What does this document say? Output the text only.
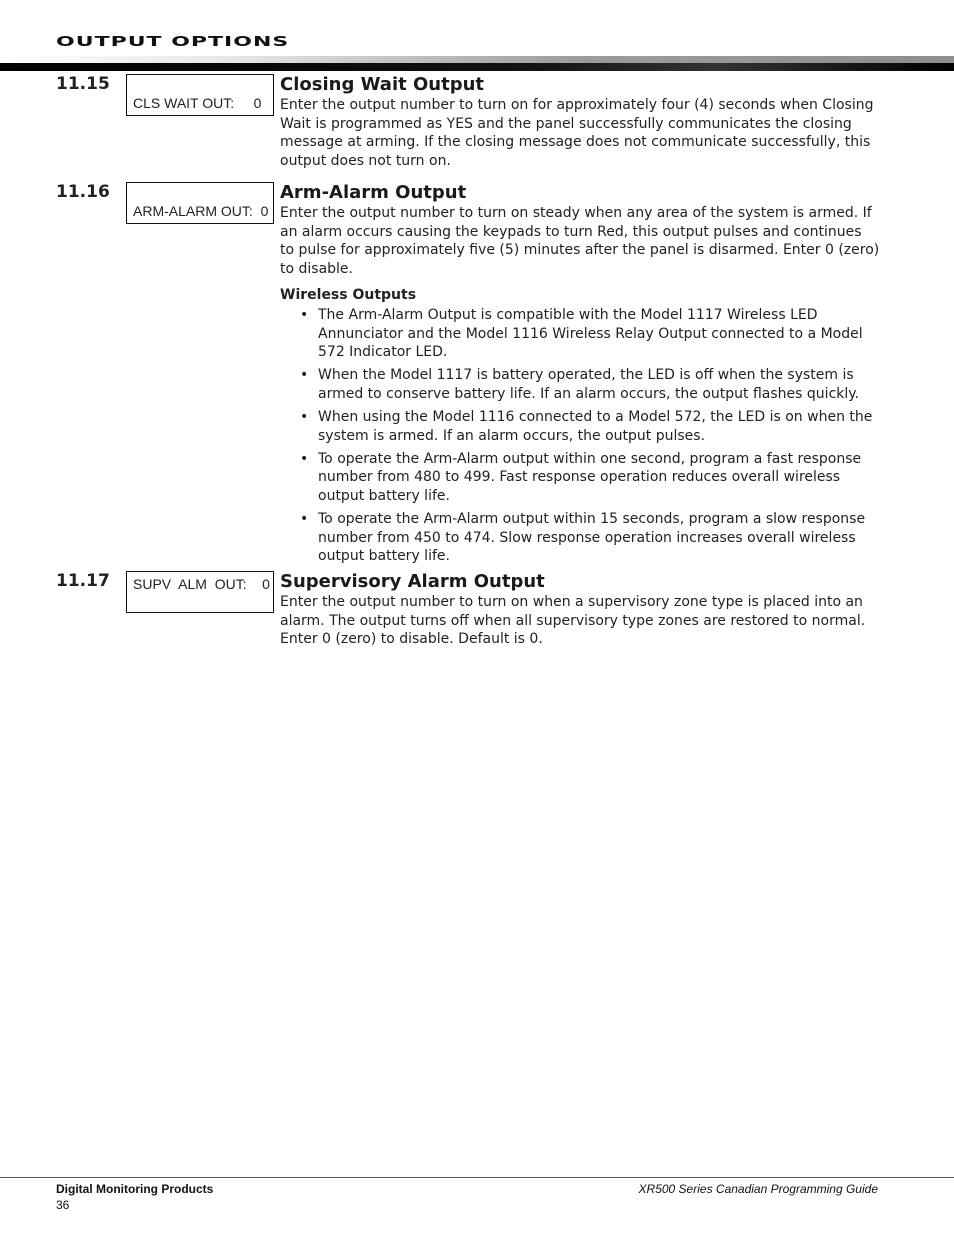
OUTPUT OPTIONS
11.15
CLS WAIT OUT:     0
Closing Wait Output

Enter the output number to turn on for approximately four (4) seconds when Closing Wait is programmed as YES and the panel successfully communicates the closing message at arming. If the closing message does not communicate successfully, this output does not turn on.

11.16
ARM-ALARM OUT:  0
Arm-Alarm Output

Enter the output number to turn on steady when any area of the system is armed. If an alarm occurs causing the keypads to turn Red, this output pulses and continues to pulse for approximately five (5) minutes after the panel is disarmed. Enter 0 (zero) to disable.

Wireless Outputs

• The Arm-Alarm Output is compatible with the Model 1117 Wireless LED Annunciator and the Model 1116 Wireless Relay Output connected to a Model 572 Indicator LED.
• When the Model 1117 is battery operated, the LED is off when the system is armed to conserve battery life. If an alarm occurs, the output flashes quickly.
• When using the Model 1116 connected to a Model 572, the LED is on when the system is armed. If an alarm occurs, the output pulses.
• To operate the Arm-Alarm output within one second, program a fast response number from 480 to 499. Fast response operation reduces overall wireless output battery life.
• To operate the Arm-Alarm output within 15 seconds, program a slow response number from 450 to 474. Slow response operation increases overall wireless output battery life.
11.17 SUPV  ALM  OUT:    0 Supervisory Alarm Output

Enter the output number to turn on when a supervisory zone type is placed into an alarm. The output turns off when all supervisory type zones are restored to normal. Enter 0 (zero) to disable. Default is 0.

Digital Monitoring Products
36
XR500 Series Canadian Programming Guide
